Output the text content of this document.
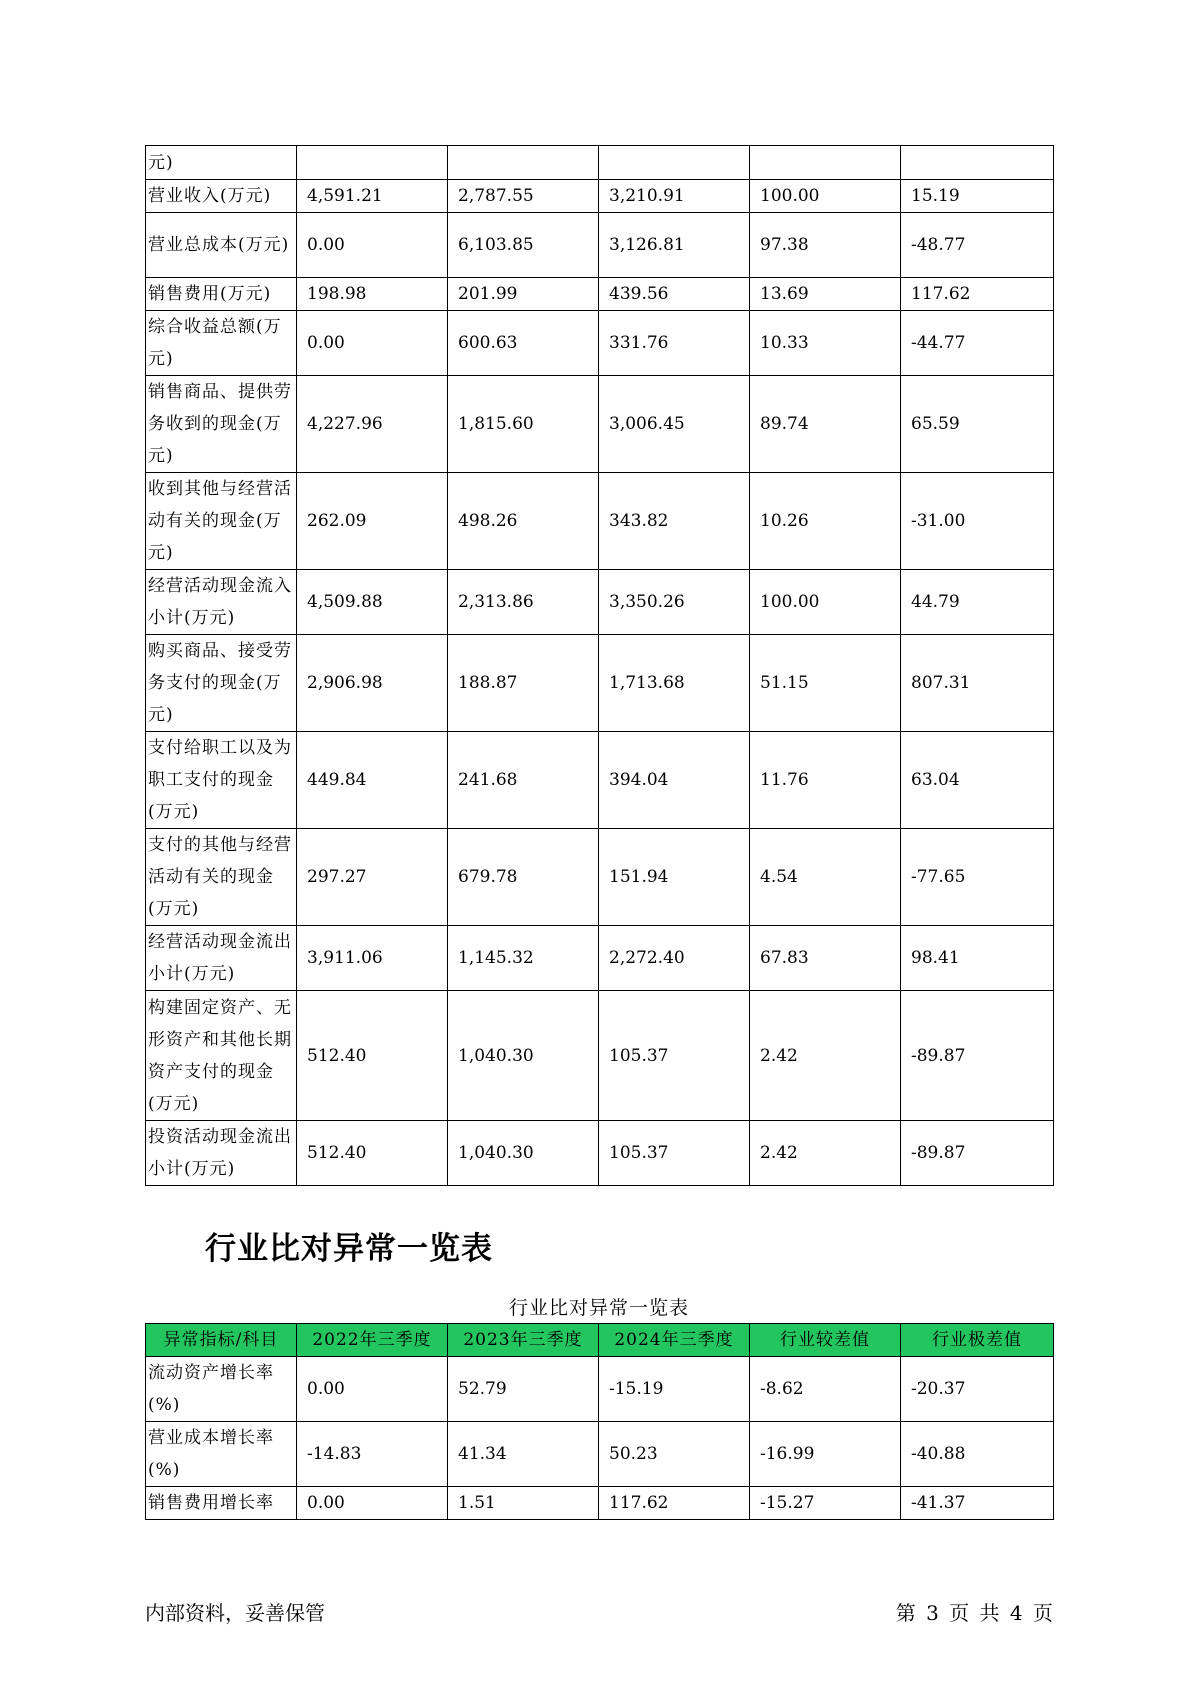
元)					
营业收入(万元)	4,591.21	2,787.55	3,210.91	100.00	15.19
营业总成本(万元)	0.00	6,103.85	3,126.81	97.38	-48.77
销售费用(万元)	198.98	201.99	439.56	13.69	117.62
综合收益总额(万元)	0.00	600.63	331.76	10.33	-44.77
销售商品、提供劳务收到的现金(万元)	4,227.96	1,815.60	3,006.45	89.74	65.59
收到其他与经营活动有关的现金(万元)	262.09	498.26	343.82	10.26	-31.00
经营活动现金流入小计(万元)	4,509.88	2,313.86	3,350.26	100.00	44.79
购买商品、接受劳务支付的现金(万元)	2,906.98	188.87	1,713.68	51.15	807.31
支付给职工以及为职工支付的现金(万元)	449.84	241.68	394.04	11.76	63.04
支付的其他与经营活动有关的现金(万元)	297.27	679.78	151.94	4.54	-77.65
经营活动现金流出小计(万元)	3,911.06	1,145.32	2,272.40	67.83	98.41
构建固定资产、无形资产和其他长期资产支付的现金(万元)	512.40	1,040.30	105.37	2.42	-89.87
投资活动现金流出小计(万元)	512.40	1,040.30	105.37	2.42	-89.87
行业比对异常一览表
行业比对异常一览表
异常指标/科目	2022年三季度	2023年三季度	2024年三季度	行业较差值	行业极差值
流动资产增长率(%)	0.00	52.79	-15.19	-8.62	-20.37
营业成本增长率(%)	-14.83	41.34	50.23	-16.99	-40.88
销售费用增长率	0.00	1.51	117.62	-15.27	-41.37
内部资料，妥善保管	第 3 页 共 4 页
